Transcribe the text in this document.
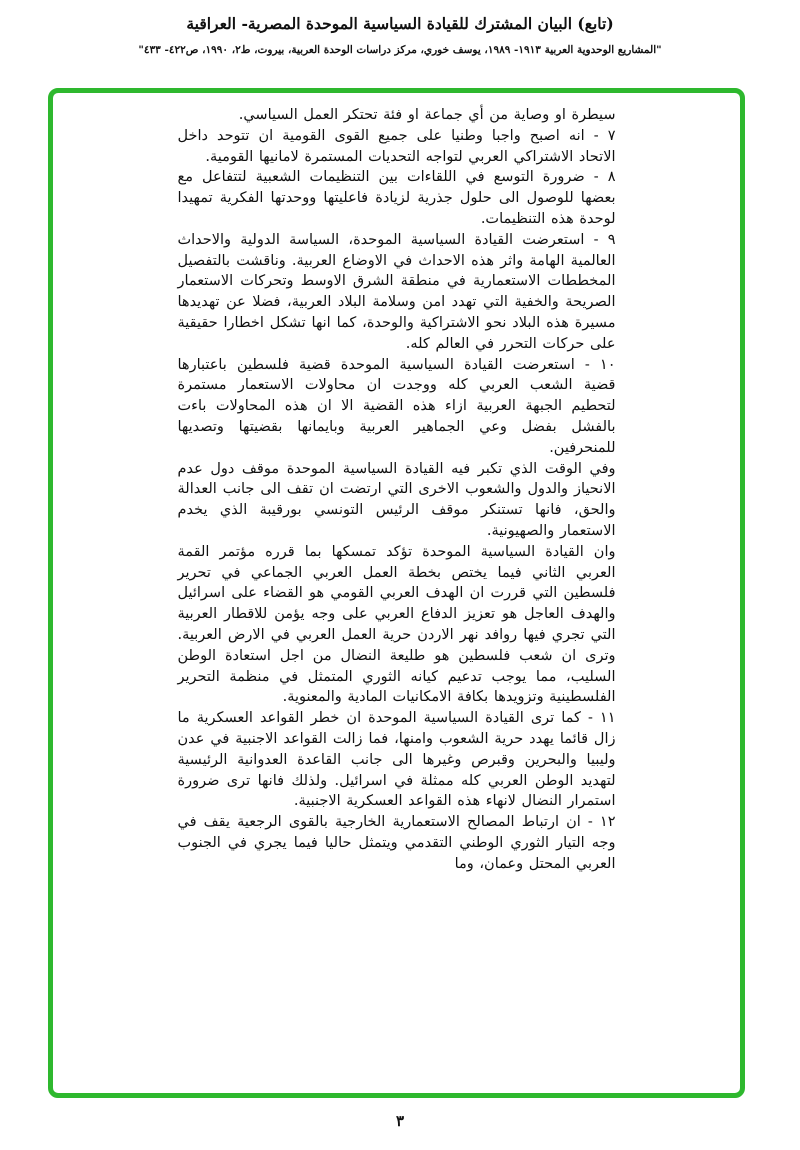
(تابع) البيان المشترك للقيادة السياسية الموحدة المصرية- العراقية
"المشاريع الوحدوية العربية ١٩١٣- ١٩٨٩، يوسف خوري، مركز دراسات الوحدة العربية، بيروت، ط٢، ١٩٩٠، ص٤٢٢- ٤٣٣"

سيطرة او وصاية من أي جماعة او فئة تحتكر العمل السياسي.

٧ - انه اصبح واجبا وطنيا على جميع القوى القومية ان تتوحد داخل الاتحاد الاشتراكي العربي لتواجه التحديات المستمرة لامانيها القومية.

٨ - ضرورة التوسع في اللقاءات بين التنظيمات الشعبية لتتفاعل مع بعضها للوصول الى حلول جذرية لزيادة فاعليتها ووحدتها الفكرية تمهيدا لوحدة هذه التنظيمات.

٩ - استعرضت القيادة السياسية الموحدة، السياسة الدولية والاحداث العالمية الهامة واثر هذه الاحداث في الاوضاع العربية. وناقشت بالتفصيل المخططات الاستعمارية في منطقة الشرق الاوسط وتحركات الاستعمار الصريحة والخفية التي تهدد امن وسلامة البلاد العربية، فضلا عن تهديدها مسيرة هذه البلاد نحو الاشتراكية والوحدة، كما انها تشكل اخطارا حقيقية على حركات التحرر في العالم كله.

١٠ - استعرضت القيادة السياسية الموحدة قضية فلسطين باعتبارها قضية الشعب العربي كله ووجدت ان محاولات الاستعمار مستمرة لتحطيم الجبهة العربية ازاء هذه القضية الا ان هذه المحاولات باءت بالفشل بفضل وعي الجماهير العربية وبايمانها بقضيتها وتصديها للمنحرفين.

وفي الوقت الذي تكبر فيه القيادة السياسية الموحدة موقف دول عدم الانحياز والدول والشعوب الاخرى التي ارتضت ان تقف الى جانب العدالة والحق، فانها تستنكر موقف الرئيس التونسي بورقيبة الذي يخدم الاستعمار والصهيونية.

وان القيادة السياسية الموحدة تؤكد تمسكها بما قرره مؤتمر القمة العربي الثاني فيما يختص بخطة العمل العربي الجماعي في تحرير فلسطين التي قررت ان الهدف العربي القومي هو القضاء على اسرائيل والهدف العاجل هو تعزيز الدفاع العربي على وجه يؤمن للاقطار العربية التي تجري فيها روافد نهر الاردن حرية العمل العربي في الارض العربية. وترى ان شعب فلسطين هو طليعة النضال من اجل استعادة الوطن السليب، مما يوجب تدعيم كيانه الثوري المتمثل في منظمة التحرير الفلسطينية وتزويدها بكافة الامكانيات المادية والمعنوية.

١١ - كما ترى القيادة السياسية الموحدة ان خطر القواعد العسكرية ما زال قائما يهدد حرية الشعوب وامنها، فما زالت القواعد الاجنبية في عدن وليبيا والبحرين وقبرص وغيرها الى جانب القاعدة العدوانية الرئيسية لتهديد الوطن العربي كله ممثلة في اسرائيل. ولذلك فانها ترى ضرورة استمرار النضال لانهاء هذه القواعد العسكرية الاجنبية.

١٢ - ان ارتباط المصالح الاستعمارية الخارجية بالقوى الرجعية يقف في وجه التيار الثوري الوطني التقدمي ويتمثل حاليا فيما يجري في الجنوب العربي المحتل وعمان، وما

٣
